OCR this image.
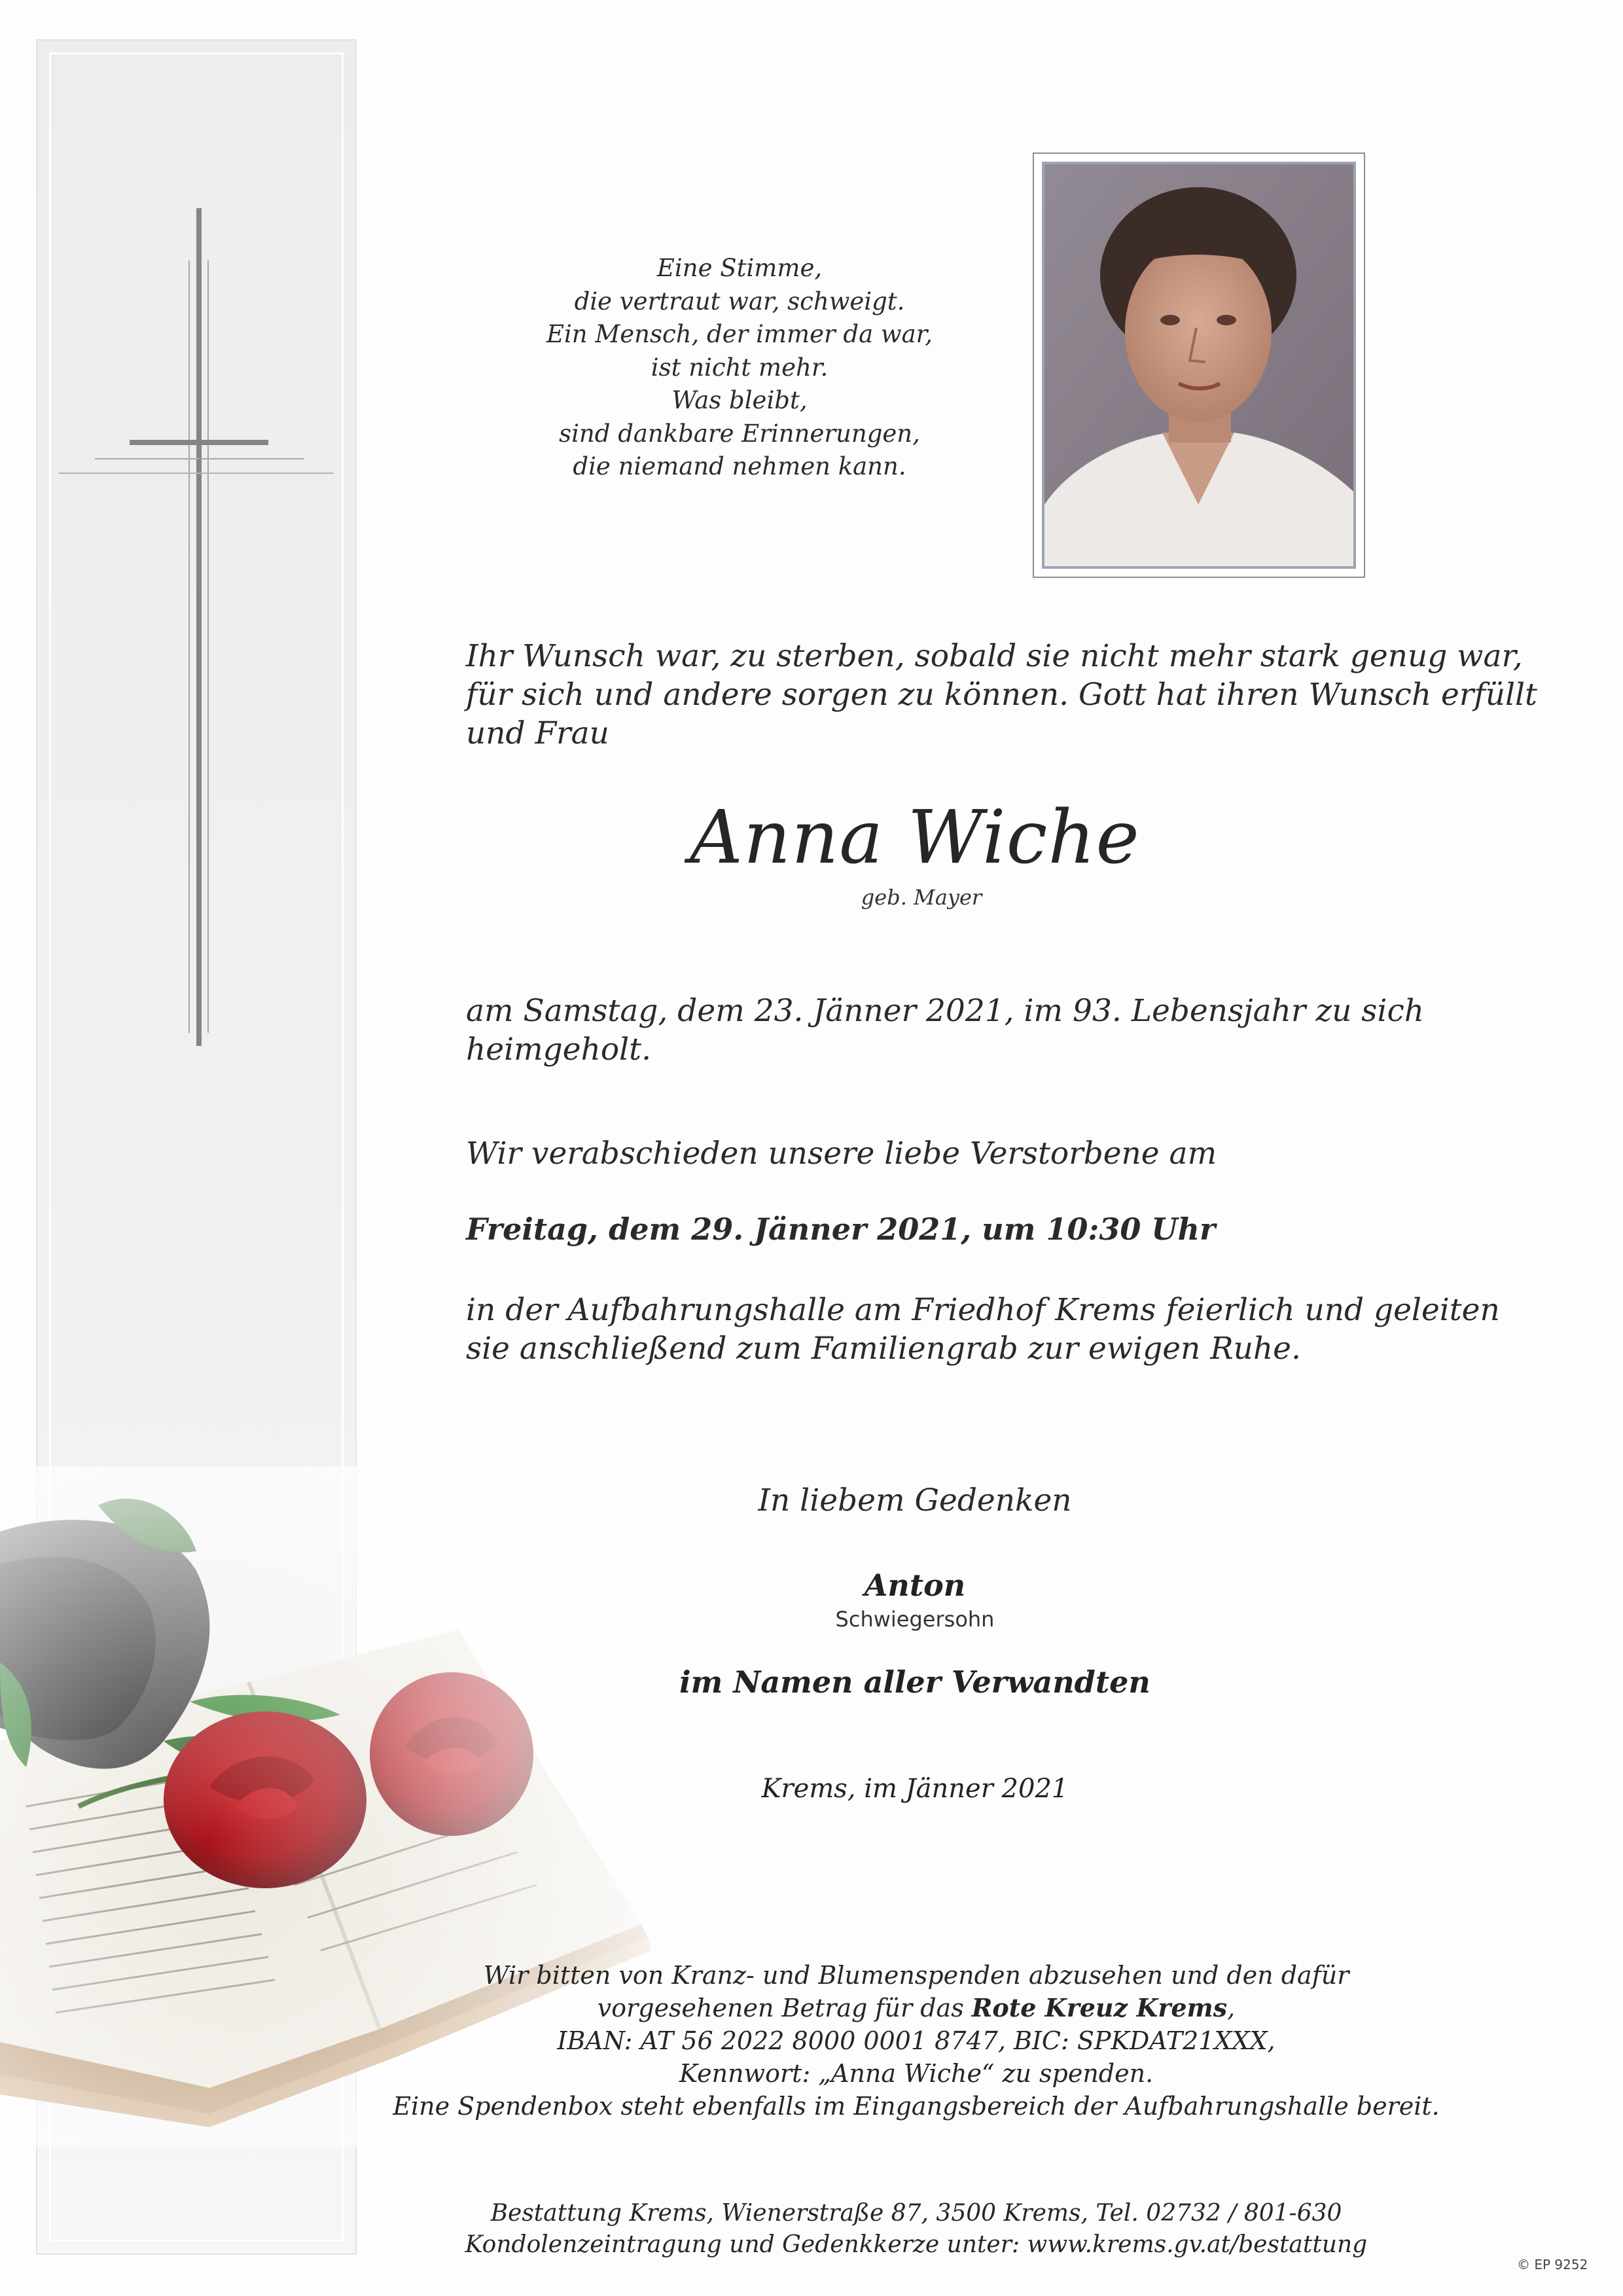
Eine Stimme,
die vertraut war, schweigt.
Ein Mensch, der immer da war,
ist nicht mehr.
Was bleibt,
sind dankbare Erinnerungen,
die niemand nehmen kann.
Ihr Wunsch war, zu sterben, sobald sie nicht mehr stark genug war,
für sich und andere sorgen zu können. Gott hat ihren Wunsch erfüllt
und Frau
Anna Wiche
geb. Mayer
am Samstag, dem 23. Jänner 2021, im 93. Lebensjahr zu sich
heimgeholt.
Wir verabschieden unsere liebe Verstorbene am
Freitag, dem 29. Jänner 2021, um 10:30 Uhr
in der Aufbahrungshalle am Friedhof Krems feierlich und geleiten
sie anschließend zum Familiengrab zur ewigen Ruhe.
In liebem Gedenken
Anton
Schwiegersohn
im Namen aller Verwandten
Krems, im Jänner 2021
Wir bitten von Kranz- und Blumenspenden abzusehen und den dafür
vorgesehenen Betrag für das Rote Kreuz Krems,
IBAN: AT 56 2022 8000 0001 8747, BIC: SPKDAT21XXX,
Kennwort: „Anna Wiche“ zu spenden.
Eine Spendenbox steht ebenfalls im Eingangsbereich der Aufbahrungshalle bereit.
Bestattung Krems, Wienerstraße 87, 3500 Krems, Tel. 02732 / 801-630
Kondolenzeintragung und Gedenkkerze unter: www.krems.gv.at/bestattung
© EP 9252
